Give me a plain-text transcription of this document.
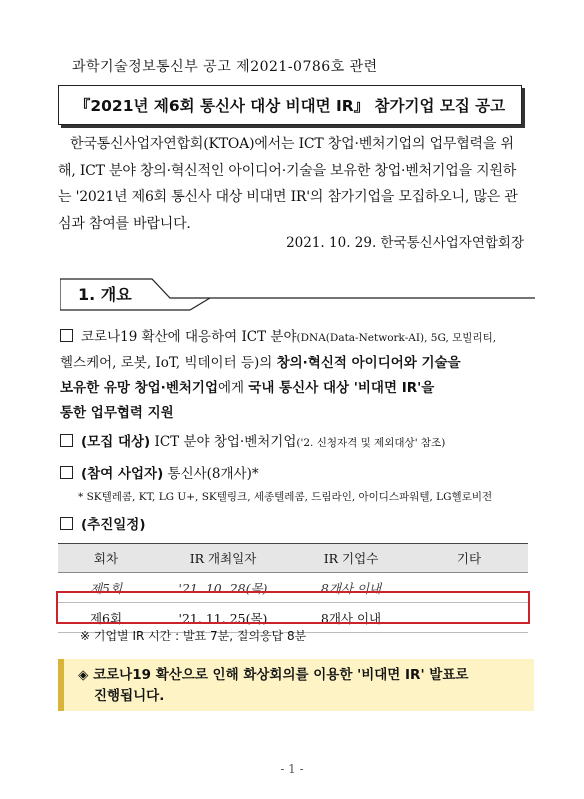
과학기술정보통신부 공고 제2021-0786호 관련
『2021년 제6회 통신사 대상 비대면 IR』 참가기업 모집 공고
한국통신사업자연합회(KTOA)에서는 ICT 창업·벤처기업의 업무협력을 위해, ICT 분야 창의·혁신적인 아이디어·기술을 보유한 창업·벤처기업을 지원하는 '2021년 제6회 통신사 대상 비대면 IR'의 참가기업을 모집하오니, 많은 관심과 참여를 바랍니다.
2021. 10. 29. 한국통신사업자연합회장
1. 개요
코로나19 확산에 대응하여 ICT 분야(DNA(Data-Network-AI), 5G, 모빌리티,
헬스케어, 로봇, IoT, 빅데이터 등)의 창의·혁신적 아이디어와 기술을
보유한 유망 창업·벤처기업에게 국내 통신사 대상 '비대면 IR'을
통한 업무협력 지원
(모집 대상) ICT 분야 창업·벤처기업('2. 신청자격 및 제외대상' 참조)
(참여 사업자) 통신사(8개사)*
* SK텔레콤, KT, LG U+, SK텔링크, 세종텔레콤, 드림라인, 아이디스파워텔, LG헬로비전
(추진일정)
회차	IR 개최일자	IR 기업수	기타
제5회	'21. 10. 28(목)	8개사 이내	
제6회	'21. 11. 25(목)	8개사 이내	
※ 기업별 IR 시간 : 발표 7분, 질의응답 8분
◈ 코로나19 확산으로 인해 화상회의를 이용한 '비대면 IR' 발표로
진행됩니다.
- 1 -
